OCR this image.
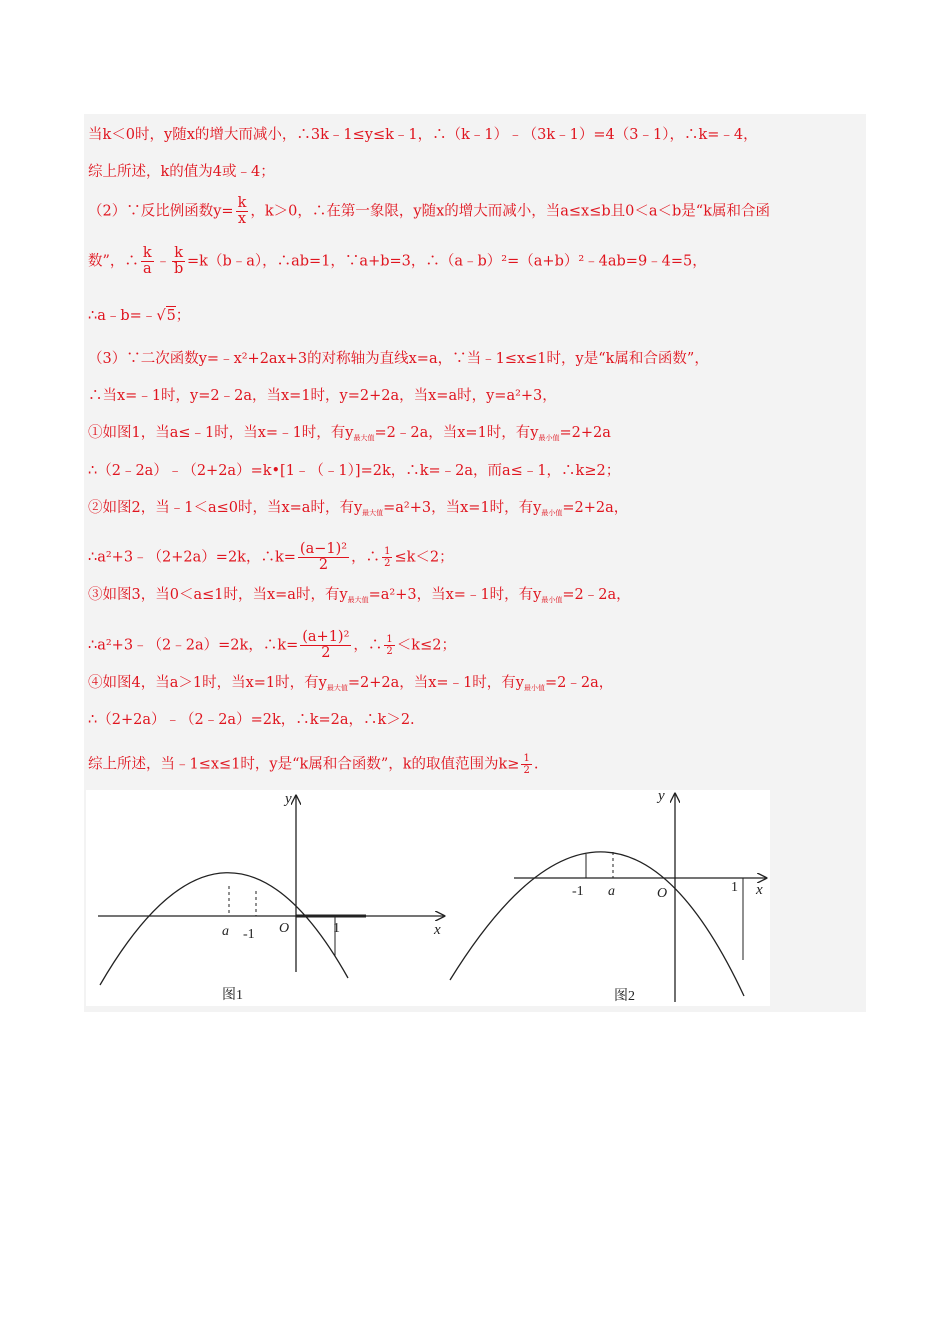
当k＜0时，y随x的增大而减小，∴3k﹣1≤y≤k﹣1，∴（k﹣1）﹣（3k﹣1）=4（3﹣1），∴k=﹣4，
综上所述，k的值为4或﹣4；
（2）∵反比例函数$y= \frac{k}{x}$ ，k＞0，∴在第一象限，y随x的增大而减小，当a≤x≤b且0＜a＜b是“k属和合函
数”，∴ $\frac{k}{a}$ ﹣ $\frac{k}{b}$ =k（b﹣a），∴ab=1，∵a+b=3，∴（a﹣b）²=（a+b）²﹣4ab=9﹣4=5，
∴a﹣b=﹣√5；
（3）∵二次函数y=﹣x²+2ax+3的对称轴为直线x=a，∵当﹣1≤x≤1时，y是“k属和合函数”，
∴当x=﹣1时，y=2﹣2a，当x=1时，y=2+2a，当x=a时，y=a²+3，
①如图1，当a≤﹣1时，当x=﹣1时，有$y_{最大值}=2﹣2a$，当x=1时，有$y_{最小值}=2+2a$
∴（2﹣2a）﹣（2+2a）=k•[1﹣（﹣1）]=2k，∴k=﹣2a，而a≤﹣1，∴k≥2；
②如图2，当﹣1＜a≤0时，当x=a时，有$y_{最大值}=a^2+3$，当x=1时，有$y_{最小值}=2+2a$，
∴a²+3﹣（2+2a）=2k，∴k= $\frac{\text{(a−1)²}}{2}$ ，∴ $\frac{1}{2} \le k<2$；
③如图3，当0＜a≤1时，当x=a时，有$y_{最大值}=a^2+3$，当x=﹣1时，有$y_{最小值}=2﹣2a$，
∴a²+3﹣（2﹣2a）=2k，∴k= $\frac{\text{(a+1)²}}{2}$ ，∴ $\frac{1}{2} <k\le 2$；
④如图4，当a＞1时，当x=1时，有$y_{最大值}=2+2a$，当x=﹣1时，有$y_{最小值}=2﹣2a$，
∴（2+2a）﹣（2﹣2a）=2k，∴k=2a，∴k＞2.
综上所述，当﹣1≤x≤1时，y是“k属和合函数”，k的取值范围为$k\ge \frac{1}{2}$ .
y
x
O
a -1	1
图1
y
x
O
a
-1	1
图2
